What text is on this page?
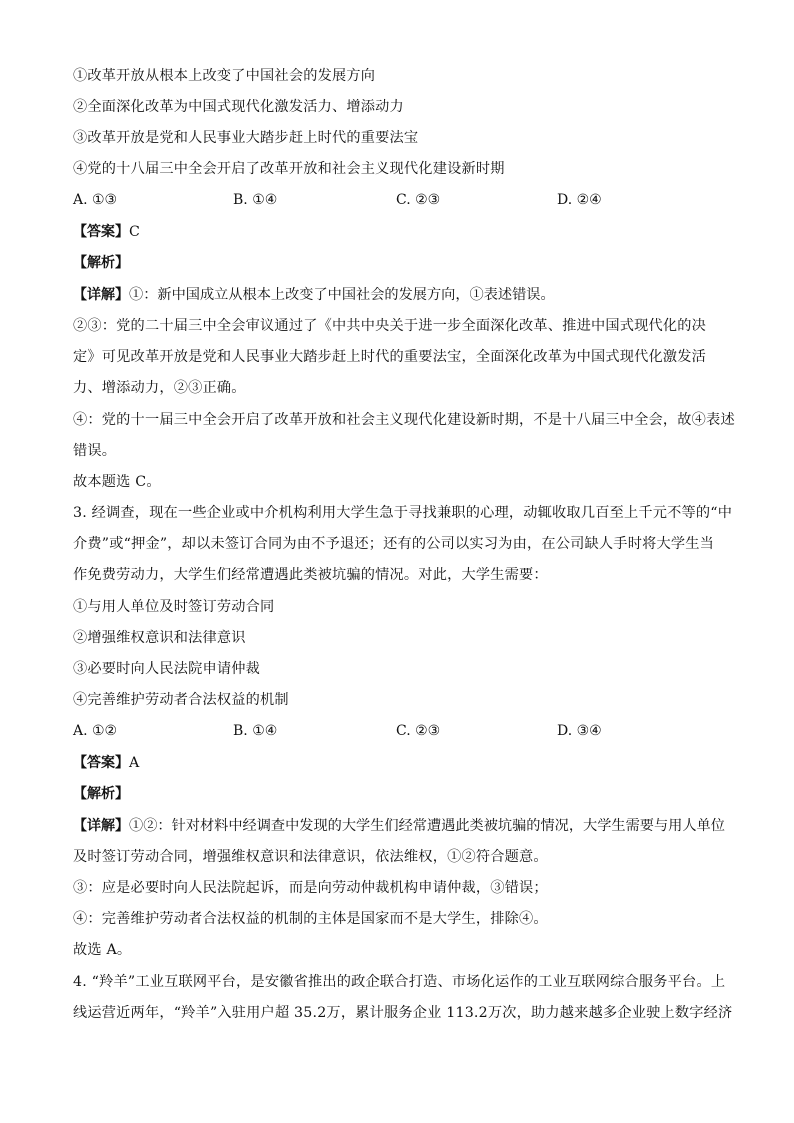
①改革开放从根本上改变了中国社会的发展方向
②全面深化改革为中国式现代化激发活力、增添动力
③改革开放是党和人民事业大踏步赶上时代的重要法宝
④党的十八届三中全会开启了改革开放和社会主义现代化建设新时期
A. ①③	B. ①④	C. ②③	D. ②④
【答案】C
【解析】
【详解】①：新中国成立从根本上改变了中国社会的发展方向，①表述错误。
②③：党的二十届三中全会审议通过了《中共中央关于进一步全面深化改革、推进中国式现代化的决
定》可见改革开放是党和人民事业大踏步赶上时代的重要法宝，全面深化改革为中国式现代化激发活
力、增添动力，②③正确。
④：党的十一届三中全会开启了改革开放和社会主义现代化建设新时期，不是十八届三中全会，故④表述
错误。
故本题选 C。
3. 经调查，现在一些企业或中介机构利用大学生急于寻找兼职的心理，动辄收取几百至上千元不等的“中
介费”或“押金”，却以未签订合同为由不予退还；还有的公司以实习为由，在公司缺人手时将大学生当
作免费劳动力，大学生们经常遭遇此类被坑骗的情况。对此，大学生需要：
①与用人单位及时签订劳动合同
②增强维权意识和法律意识
③必要时向人民法院申请仲裁
④完善维护劳动者合法权益的机制
A. ①②	B. ①④	C. ②③	D. ③④
【答案】A
【解析】
【详解】①②：针对材料中经调查中发现的大学生们经常遭遇此类被坑骗的情况，大学生需要与用人单位
及时签订劳动合同，增强维权意识和法律意识，依法维权，①②符合题意。
③：应是必要时向人民法院起诉，而是向劳动仲裁机构申请仲裁，③错误；
④：完善维护劳动者合法权益的机制的主体是国家而不是大学生，排除④。
故选 A。
4. “羚羊”工业互联网平台，是安徽省推出的政企联合打造、市场化运作的工业互联网综合服务平台。上
线运营近两年，“羚羊”入驻用户超 35.2万，累计服务企业 113.2万次，助力越来越多企业驶上数字经济
